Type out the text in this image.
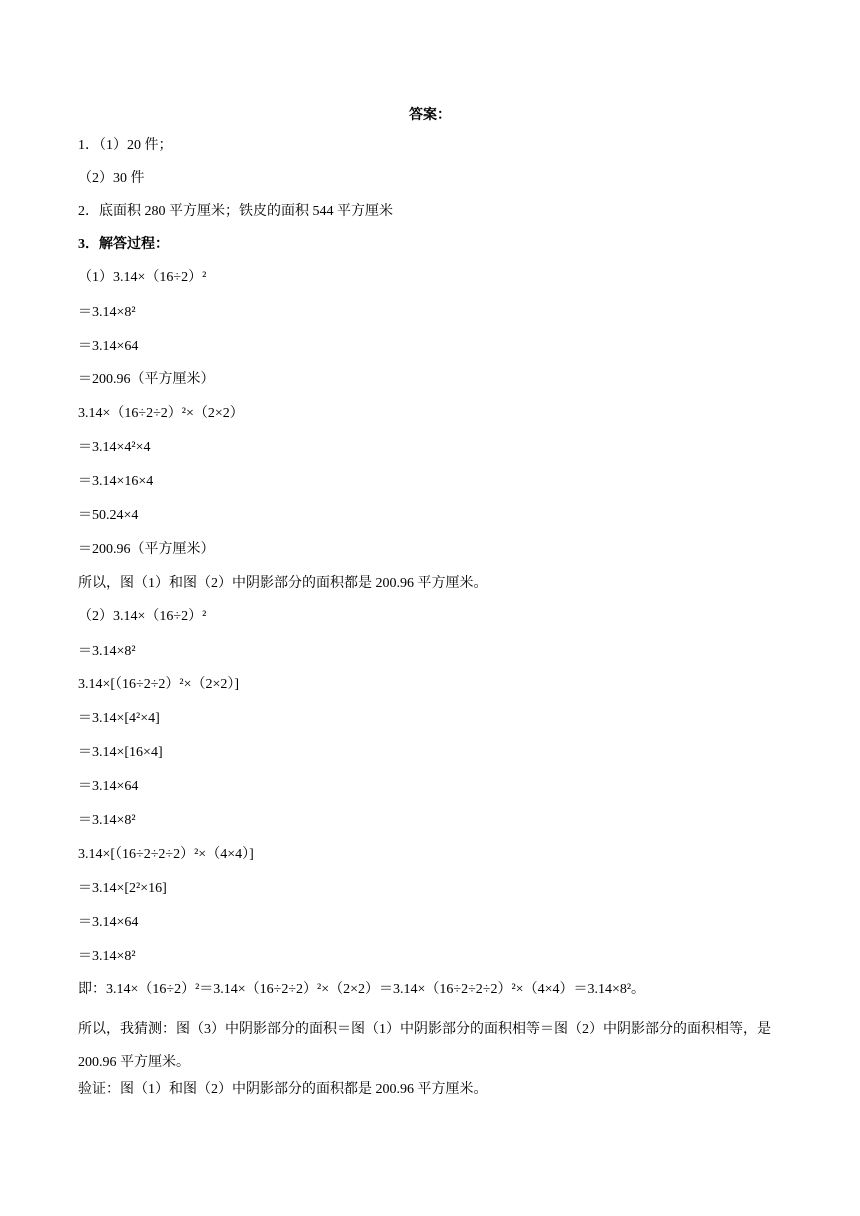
答案：
1．（1）20 件；
（2）30 件
2．底面积 280 平方厘米；铁皮的面积 544 平方厘米
3．解答过程：
（1）3.14×（16÷2）²
＝3.14×8²
＝3.14×64
＝200.96（平方厘米）
3.14×（16÷2÷2）²×（2×2）
＝3.14×4²×4
＝3.14×16×4
＝50.24×4
＝200.96（平方厘米）
所以，图（1）和图（2）中阴影部分的面积都是 200.96 平方厘米。
（2）3.14×（16÷2）²
＝3.14×8²
3.14×[（16÷2÷2）²×（2×2）]
＝3.14×[4²×4]
＝3.14×[16×4]
＝3.14×64
＝3.14×8²
3.14×[（16÷2÷2÷2）²×（4×4）]
＝3.14×[2²×16]
＝3.14×64
＝3.14×8²
即：3.14×（16÷2）²＝3.14×（16÷2÷2）²×（2×2）＝3.14×（16÷2÷2÷2）²×（4×4）＝3.14×8²。
所以，我猜测：图（3）中阴影部分的面积＝图（1）中阴影部分的面积相等＝图（2）中阴影部分的面积相等，是 200.96 平方厘米。
验证：图（1）和图（2）中阴影部分的面积都是 200.96 平方厘米。
